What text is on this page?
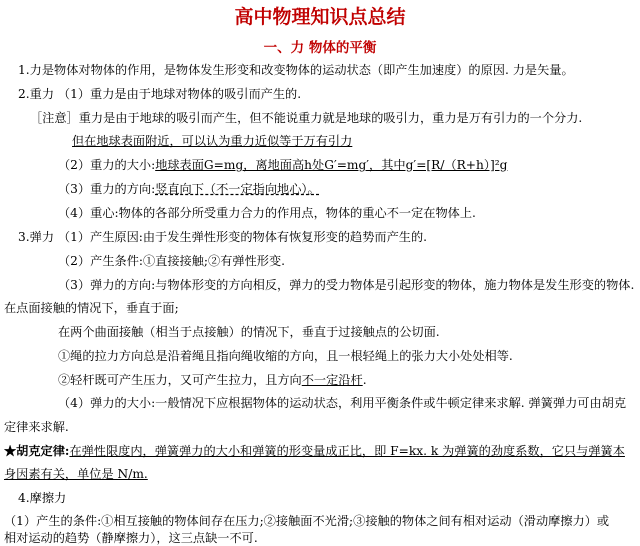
高中物理知识点总结
一、力 物体的平衡
1.力是物体对物体的作用，是物体发生形变和改变物体的运动状态（即产生加速度）的原因. 力是矢量。
2.重力 （1）重力是由于地球对物体的吸引而产生的.
［注意］重力是由于地球的吸引而产生，但不能说重力就是地球的吸引力，重力是万有引力的一个分力.
但在地球表面附近，可以认为重力近似等于万有引力
（2）重力的大小:地球表面G=mg，离地面高h处G′=mg′，其中g′=[R/（R+h）]²g
（3）重力的方向:竖直向下（不一定指向地心）。
（4）重心:物体的各部分所受重力合力的作用点，物体的重心不一定在物体上.
3.弹力 （1）产生原因:由于发生弹性形变的物体有恢复形变的趋势而产生的.
（2）产生条件:①直接接触;②有弹性形变.
（3）弹力的方向:与物体形变的方向相反，弹力的受力物体是引起形变的物体，施力物体是发生形变的物体.
在点面接触的情况下，垂直于面;
在两个曲面接触（相当于点接触）的情况下，垂直于过接触点的公切面.
①绳的拉力方向总是沿着绳且指向绳收缩的方向，且一根轻绳上的张力大小处处相等.
②轻杆既可产生压力，又可产生拉力，且方向不一定沿杆.
（4）弹力的大小:一般情况下应根据物体的运动状态，利用平衡条件或牛顿定律来求解. 弹簧弹力可由胡克
定律来求解.
★胡克定律:在弹性限度内，弹簧弹力的大小和弹簧的形变量成正比，即 F=kx. k 为弹簧的劲度系数，它只与弹簧本
身因素有关，单位是 N/m.
4.摩擦力
（1）产生的条件:①相互接触的物体间存在压力;②接触面不光滑;③接触的物体之间有相对运动（滑动摩擦力）或
相对运动的趋势（静摩擦力），这三点缺一不可.
